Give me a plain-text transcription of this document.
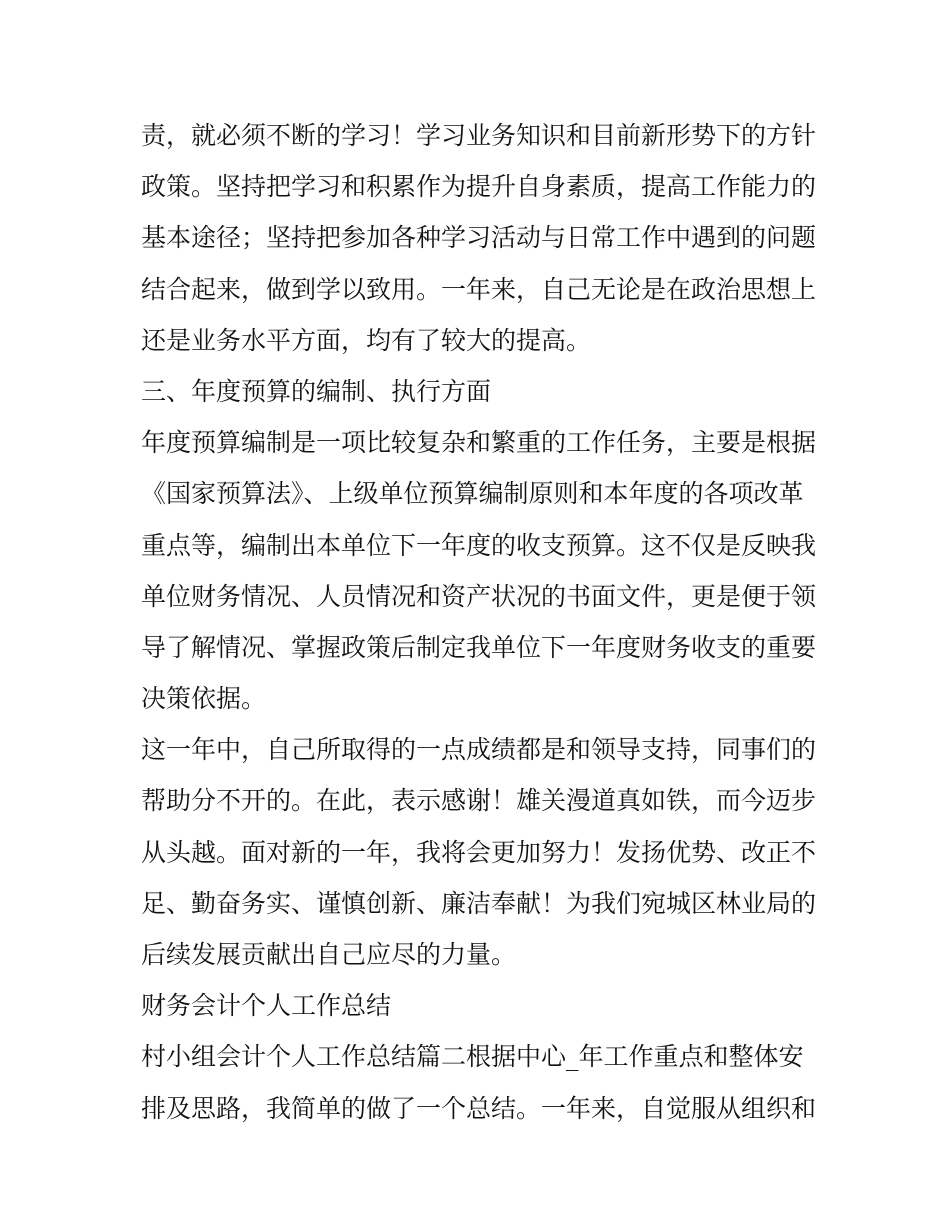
责，就必须不断的学习！学习业务知识和目前新形势下的方针
政策。坚持把学习和积累作为提升自身素质，提高工作能力的
基本途径；坚持把参加各种学习活动与日常工作中遇到的问题
结合起来，做到学以致用。一年来，自己无论是在政治思想上
还是业务水平方面，均有了较大的提高。
三、年度预算的编制、执行方面
年度预算编制是一项比较复杂和繁重的工作任务，主要是根据
《国家预算法》、上级单位预算编制原则和本年度的各项改革
重点等，编制出本单位下一年度的收支预算。这不仅是反映我
单位财务情况、人员情况和资产状况的书面文件，更是便于领
导了解情况、掌握政策后制定我单位下一年度财务收支的重要
决策依据。
这一年中，自己所取得的一点成绩都是和领导支持，同事们的
帮助分不开的。在此，表示感谢！雄关漫道真如铁，而今迈步
从头越。面对新的一年，我将会更加努力！发扬优势、改正不
足、勤奋务实、谨慎创新、廉洁奉献！为我们宛城区林业局的
后续发展贡献出自己应尽的力量。
财务会计个人工作总结
村小组会计个人工作总结篇二根据中心_年工作重点和整体安
排及思路，我简单的做了一个总结。一年来，自觉服从组织和
